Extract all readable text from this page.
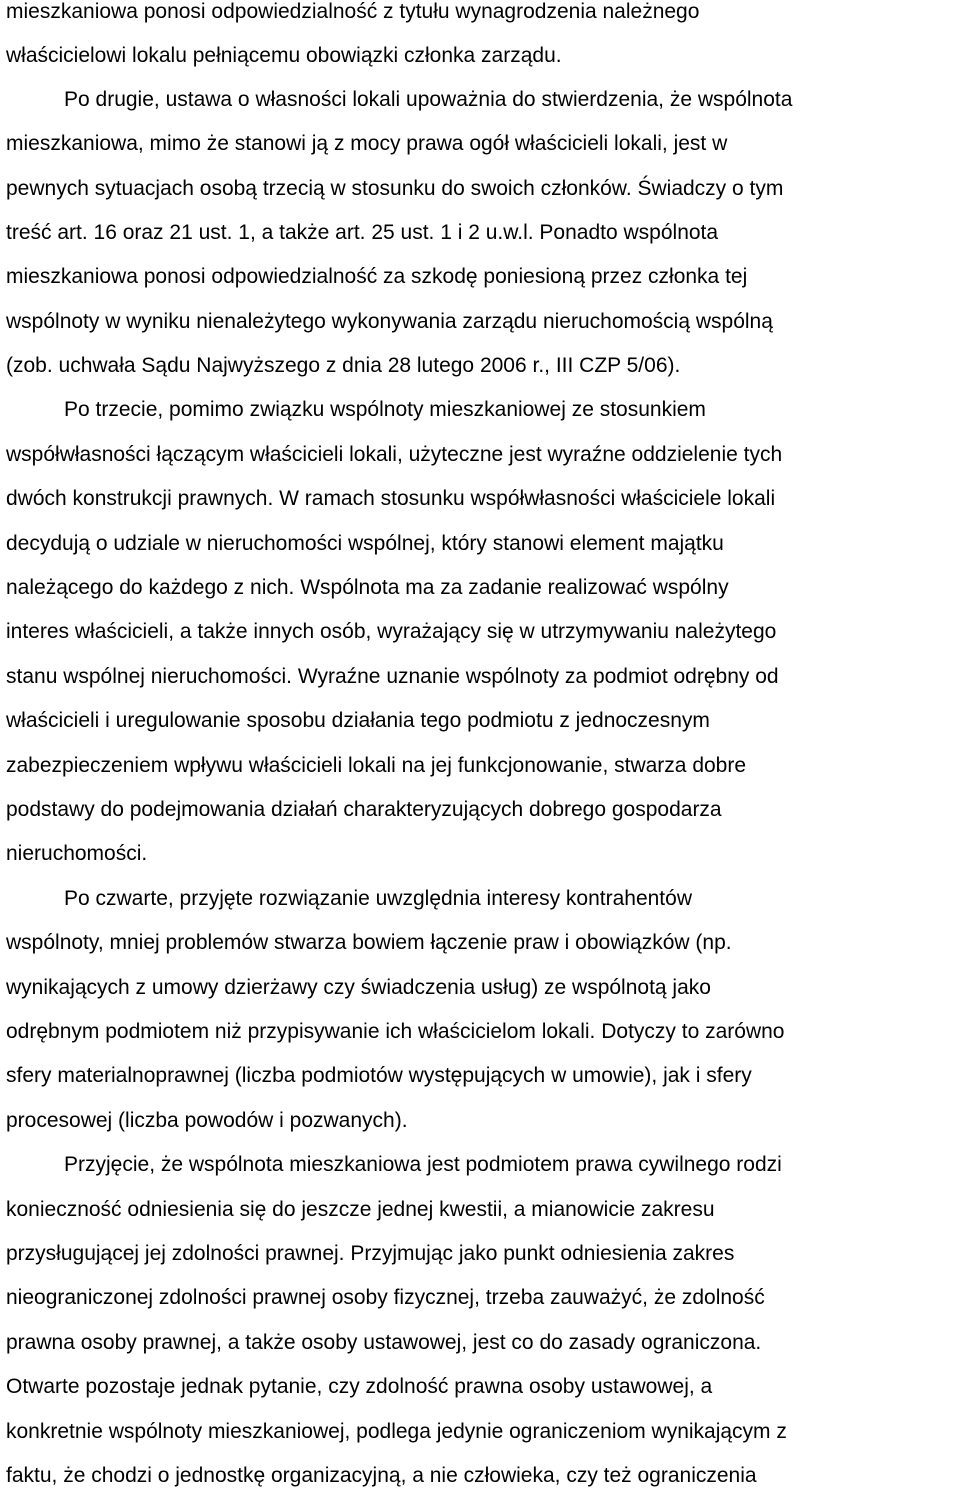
mieszkaniowa ponosi odpowiedzialność z tytułu wynagrodzenia należnego
właścicielowi lokalu pełniącemu obowiązki członka zarządu.
Po drugie, ustawa o własności lokali upoważnia do stwierdzenia, że wspólnota
mieszkaniowa, mimo że stanowi ją z mocy prawa ogół właścicieli lokali, jest w
pewnych sytuacjach osobą trzecią w stosunku do swoich członków. Świadczy o tym
treść art. 16 oraz 21 ust. 1, a także art. 25 ust. 1 i 2 u.w.l. Ponadto wspólnota
mieszkaniowa ponosi odpowiedzialność za szkodę poniesioną przez członka tej
wspólnoty w wyniku nienależytego wykonywania zarządu nieruchomością wspólną
(zob. uchwała Sądu Najwyższego z dnia 28 lutego 2006 r., III CZP 5/06).
Po trzecie, pomimo związku wspólnoty mieszkaniowej ze stosunkiem
współwłasności łączącym właścicieli lokali, użyteczne jest wyraźne oddzielenie tych
dwóch konstrukcji prawnych. W ramach stosunku współwłasności właściciele lokali
decydują o udziale w nieruchomości wspólnej, który stanowi element majątku
należącego do każdego z nich. Wspólnota ma za zadanie realizować wspólny
interes właścicieli, a także innych osób, wyrażający się w utrzymywaniu należytego
stanu wspólnej nieruchomości. Wyraźne uznanie wspólnoty za podmiot odrębny od
właścicieli i uregulowanie sposobu działania tego podmiotu z jednoczesnym
zabezpieczeniem wpływu właścicieli lokali na jej funkcjonowanie, stwarza dobre
podstawy do podejmowania działań charakteryzujących dobrego gospodarza
nieruchomości.
Po czwarte, przyjęte rozwiązanie uwzględnia interesy kontrahentów
wspólnoty, mniej problemów stwarza bowiem łączenie praw i obowiązków (np.
wynikających z umowy dzierżawy czy świadczenia usług) ze wspólnotą jako
odrębnym podmiotem niż przypisywanie ich właścicielom lokali. Dotyczy to zarówno
sfery materialnoprawnej (liczba podmiotów występujących w umowie), jak i sfery
procesowej (liczba powodów i pozwanych).
Przyjęcie, że wspólnota mieszkaniowa jest podmiotem prawa cywilnego rodzi
konieczność odniesienia się do jeszcze jednej kwestii, a mianowicie zakresu
przysługującej jej zdolności prawnej. Przyjmując jako punkt odniesienia zakres
nieograniczonej zdolności prawnej osoby fizycznej, trzeba zauważyć, że zdolność
prawna osoby prawnej, a także osoby ustawowej, jest co do zasady ograniczona.
Otwarte pozostaje jednak pytanie, czy zdolność prawna osoby ustawowej, a
konkretnie wspólnoty mieszkaniowej, podlega jedynie ograniczeniom wynikającym z
faktu, że chodzi o jednostkę organizacyjną, a nie człowieka, czy też ograniczenia
